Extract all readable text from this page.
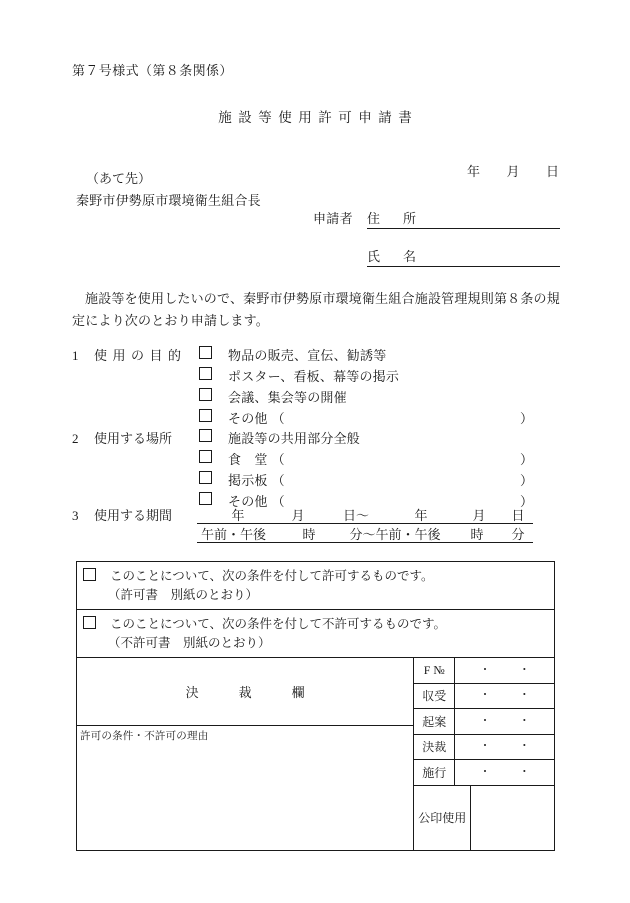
第７号様式（第８条関係）
施設等使用許可申請書

年 月 日

（あて先）
秦野市伊勢原市環境衛生組合長
申請者	住　所
氏　名
施設等を使用したいので、秦野市伊勢原市環境衛生組合施設管理規則第８条の規定により次のとおり申請します。
1	使用の目的	物品の販売、宣伝、勧誘等
ポスター、看板、幕等の掲示
会議、集会等の開催
その他 （	）
2	使用する場所	施設等の共用部分全般
食　堂 （	）
掲示板 （	）
その他 （	）
3	使用する期間	年	月	日〜	年	月	日
午前・午後	時	分〜午前・午後	時	分
このことについて、次の条件を付して許可するものです。
（許可書　別紙のとおり）
このことについて、次の条件を付して不許可するものです。
（不許可書　別紙のとおり）
決裁欄
許可の条件・不許可の理由
F №	・	・
収受	・	・
起案	・	・
決裁	・	・
施行	・	・
公印使用
